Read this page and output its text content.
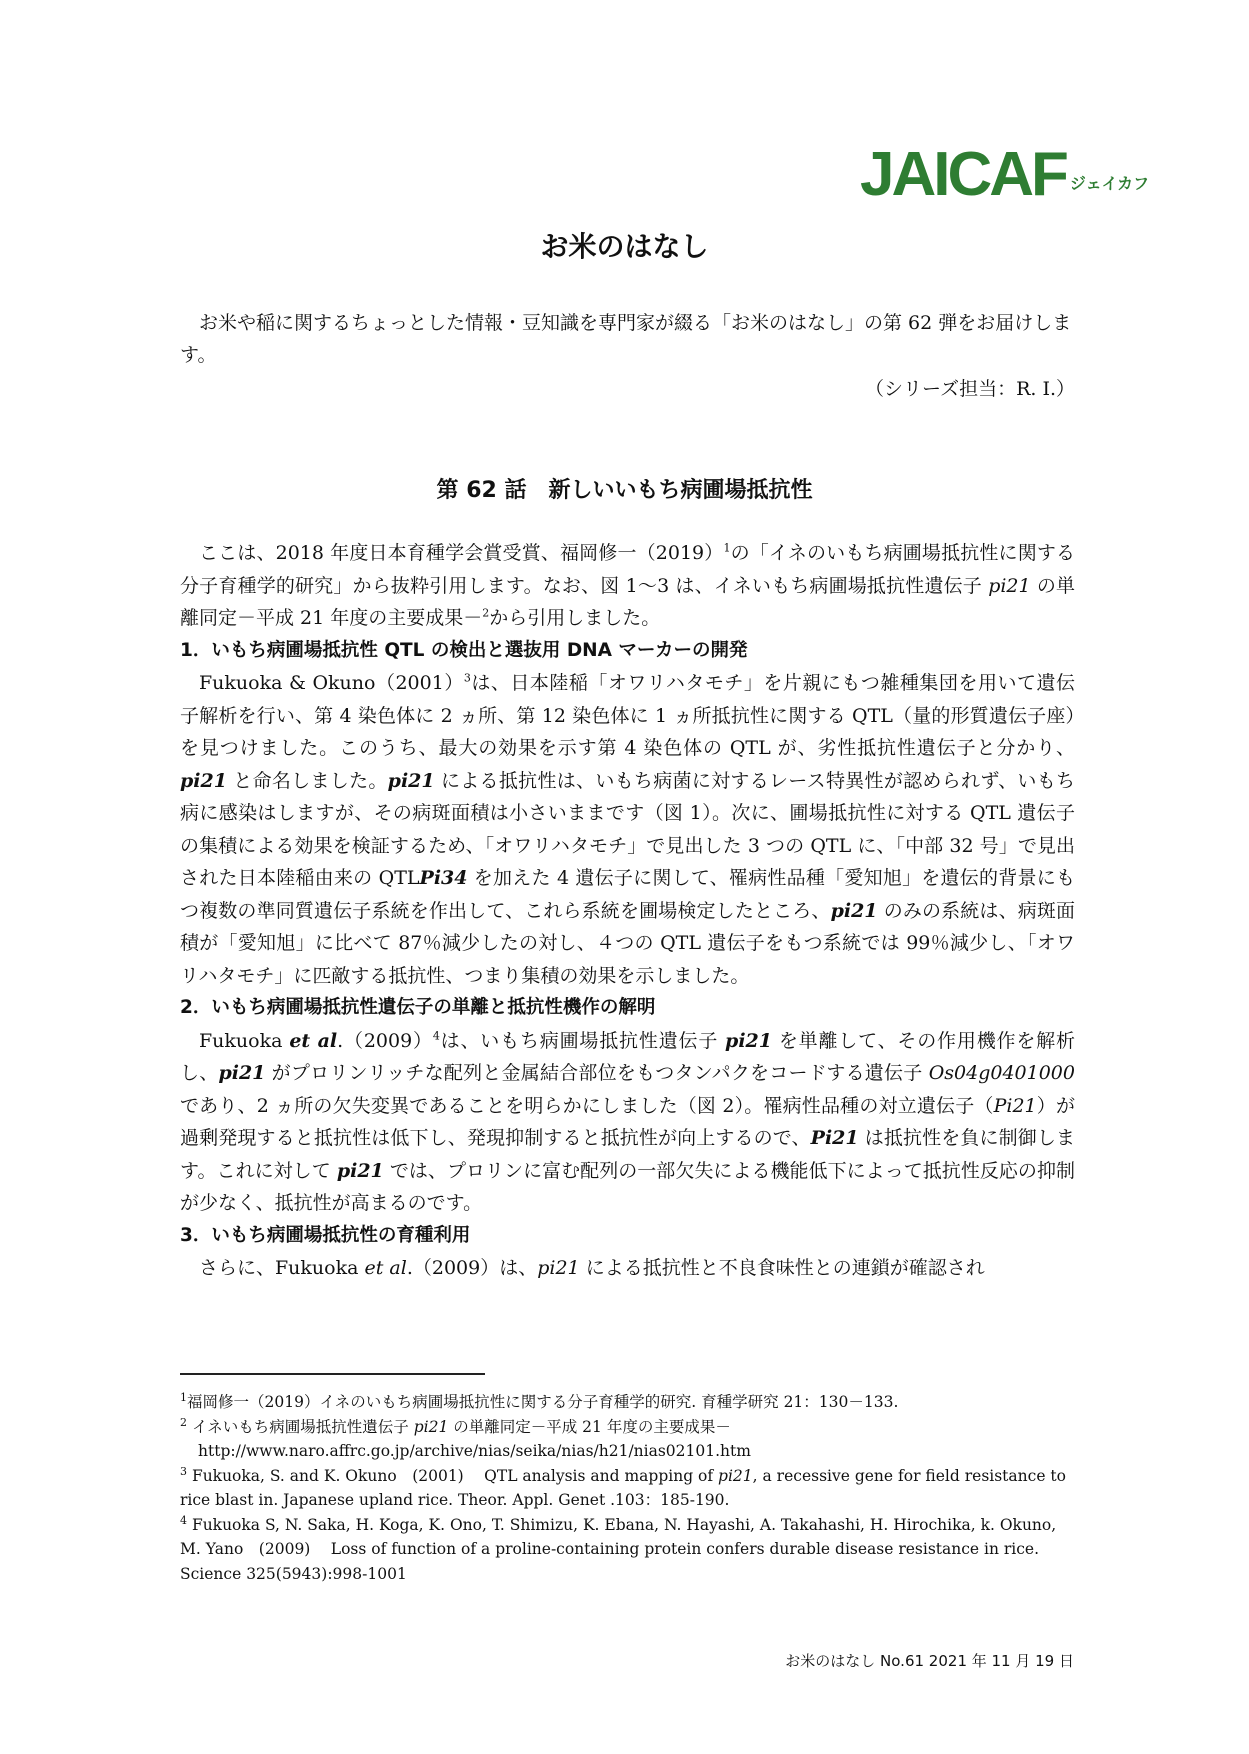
JAICAF ジェイカフ
お米のはなし

お米や稲に関するちょっとした情報・豆知識を専門家が綴る「お米のはなし」の第 62 弾をお届けします。

（シリーズ担当：R. I.）
第 62 話　新しいいもち病圃場抵抗性

ここは、2018 年度日本育種学会賞受賞、福岡修一$(2019)^1$の「イネのいもち病圃場抵抗性に関する分子育種学的研究」から抜粋引用します。なお、図 1〜3 は、イネいもち病圃場抵抗性遺伝子 pi21 の単離同定－平成 21 年度の主要成果－$^2$から引用しました。

1．いもち病圃場抵抗性 QTL の検出と選抜用 DNA マーカーの開発

Fukuoka & $Okuno(2001)^3$は、日本陸稲「オワリハタモチ」を片親にもつ雑種集団を用いて遺伝子解析を行い、第 4 染色体に 2 ヵ所、第 12 染色体に 1 ヵ所抵抗性に関する QTL（量的形質遺伝子座）を見つけました。このうち、最大の効果を示す第 4 染色体の QTL が、劣性抵抗性遺伝子と分かり、pi21 と命名しました。pi21 による抵抗性は、いもち病菌に対するレース特異性が認められず、いもち病に感染はしますが、その病斑面積は小さいままです（図 1）。次に、圃場抵抗性に対する QTL 遺伝子の集積による効果を検証するため、「オワリハタモチ」で見出した 3 つの QTL に、「中部 32 号」で見出された日本陸稲由来の QTLPi34 を加えた 4 遺伝子に関して、罹病性品種「愛知旭」を遺伝的背景にもつ複数の準同質遺伝子系統を作出して、これら系統を圃場検定したところ、pi21 のみの系統は、病斑面積が「愛知旭」に比べて 87％減少したの対し、４つの QTL 遺伝子をもつ系統では 99％減少し、「オワリハタモチ」に匹敵する抵抗性、つまり集積の効果を示しました。

2．いもち病圃場抵抗性遺伝子の単離と抵抗性機作の解明

Fukuoka et $al.(2009)^4$は、いもち病圃場抵抗性遺伝子 pi21 を単離して、その作用機作を解析し、pi21 がプロリンリッチな配列と金属結合部位をもつタンパクをコードする遺伝子 Os04g0401000 であり、2 ヵ所の欠失変異であることを明らかにしました（図 2）。罹病性品種の対立遺伝子（Pi21）が過剰発現すると抵抗性は低下し、発現抑制すると抵抗性が向上するので、Pi21 は抵抗性を負に制御します。これに対して pi21 では、プロリンに富む配列の一部欠失による機能低下によって抵抗性反応の抑制が少なく、抵抗性が高まるのです。

3．いもち病圃場抵抗性の育種利用

さらに、Fukuoka et al.（2009）は、pi21 による抵抗性と不良食味性との連鎖が確認され

$^1$福岡修一（2019）イネのいもち病圃場抵抗性に関する分子育種学的研究. 育種学研究 21：130－133.

$^2$ イネいもち病圃場抵抗性遺伝子 pi21 の単離同定－平成 21 年度の主要成果－

http://www.naro.affrc.go.jp/archive/nias/seika/nias/h21/nias02101.htm

$^3$ Fukuoka, S. and K. Okuno　(2001)　 QTL analysis and mapping of pi21, a recessive gene for field resistance to rice blast in. Japanese upland rice. Theor. Appl. Genet .103：185-190.

$^4$ Fukuoka S, N. Saka, H. Koga, K. Ono, T. Shimizu, K. Ebana, N. Hayashi, A. Takahashi, H. Hirochika, k. Okuno, M. Yano　(2009)　 Loss of function of a proline-containing protein confers durable disease resistance in rice. Science 325(5943):998-1001

お米のはなし No.61 2021 年 11 月 19 日
